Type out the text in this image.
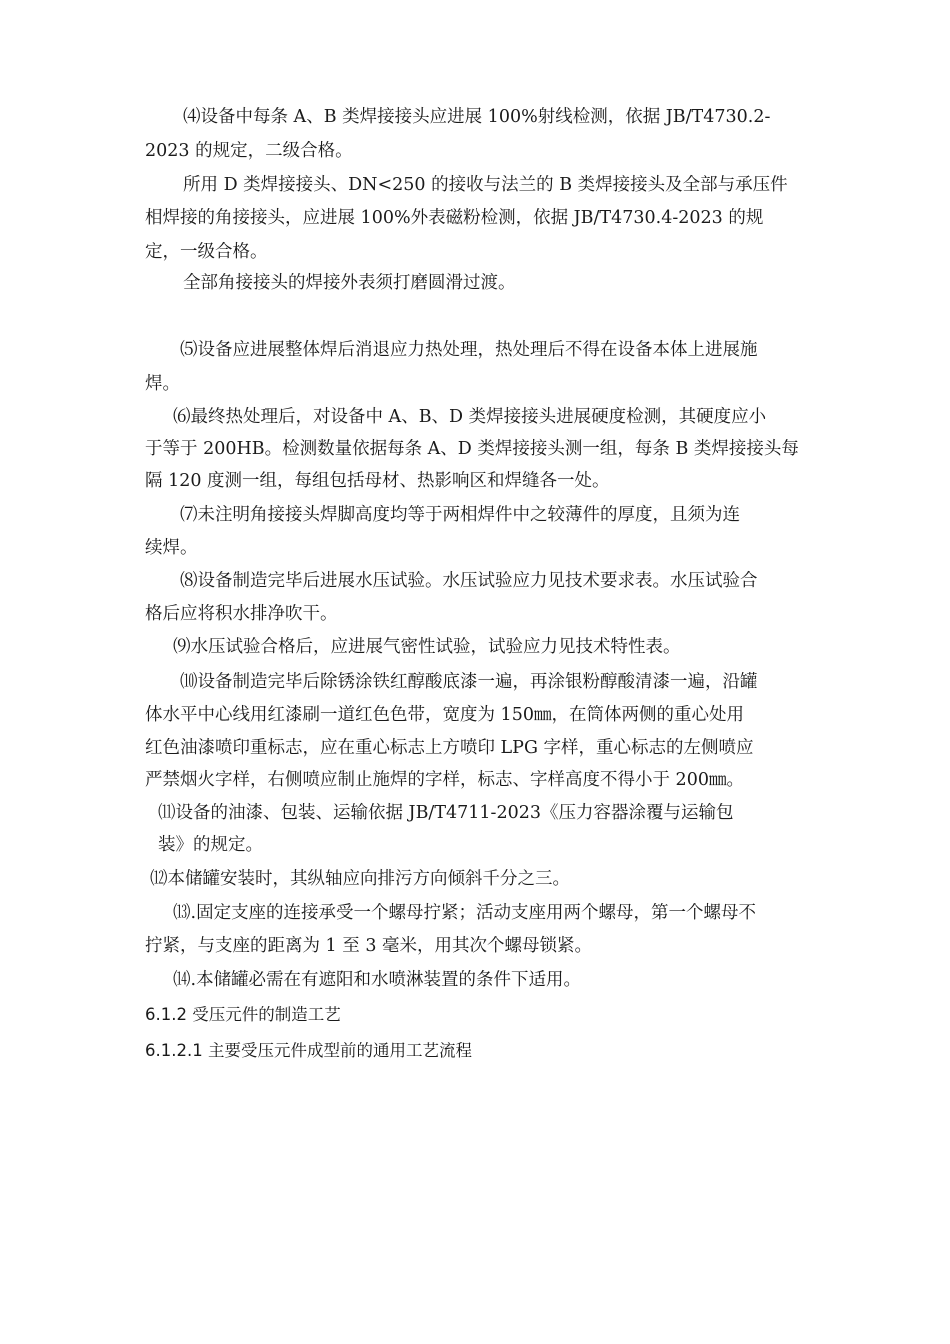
⑷设备中每条 A、B 类焊接接头应进展 100%射线检测，依据 JB/T4730.2-
2023 的规定，二级合格。
所用 D 类焊接接头、DN<250 的接收与法兰的 B 类焊接接头及全部与承压件
相焊接的角接接头，应进展 100%外表磁粉检测，依据 JB/T4730.4-2023 的规
定，一级合格。
全部角接接头的焊接外表须打磨圆滑过渡。
⑸设备应进展整体焊后消退应力热处理，热处理后不得在设备本体上进展施
焊。
⑹最终热处理后，对设备中 A、B、D 类焊接接头进展硬度检测，其硬度应小
于等于 200HB。检测数量依据每条 A、D 类焊接接头测一组，每条 B 类焊接接头每
隔 120 度测一组，每组包括母材、热影响区和焊缝各一处。
⑺未注明角接接头焊脚高度均等于两相焊件中之较薄件的厚度，且须为连
续焊。
⑻设备制造完毕后进展水压试验。水压试验应力见技术要求表。水压试验合
格后应将积水排净吹干。
⑼水压试验合格后，应进展气密性试验，试验应力见技术特性表。
⑽设备制造完毕后除锈涂铁红醇酸底漆一遍，再涂银粉醇酸清漆一遍，沿罐
体水平中心线用红漆刷一道红色色带，宽度为 150㎜，在筒体两侧的重心处用
红色油漆喷印重标志，应在重心标志上方喷印 LPG 字样，重心标志的左侧喷应
严禁烟火字样，右侧喷应制止施焊的字样，标志、字样高度不得小于 200㎜。
⑾设备的油漆、包装、运输依据 JB/T4711-2023《压力容器涂覆与运输包
装》的规定。
⑿本储罐安装时，其纵轴应向排污方向倾斜千分之三。
⒀.固定支座的连接承受一个螺母拧紧；活动支座用两个螺母，第一个螺母不
拧紧，与支座的距离为 1 至 3 毫米，用其次个螺母锁紧。
⒁.本储罐必需在有遮阳和水喷淋装置的条件下适用。
6.1.2 受压元件的制造工艺
6.1.2.1 主要受压元件成型前的通用工艺流程
